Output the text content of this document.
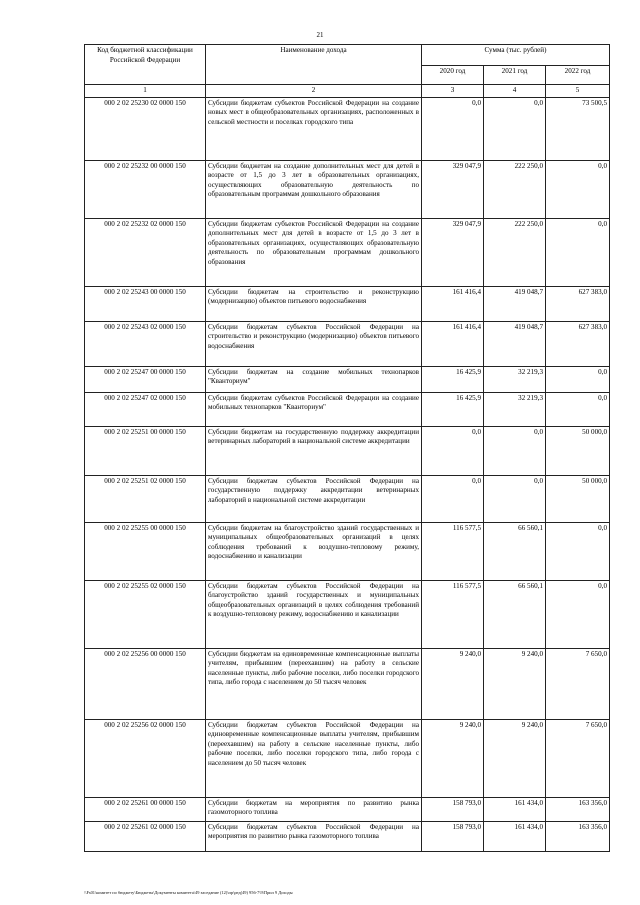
21
Код бюджетной классификации Российской Федерации	Наименование дохода	Сумма (тыс. рублей)		
		2020 год	2021 год	2022 год
1	2	3	4	5
000 2 02 25230 02 0000 150	Субсидии бюджетам субъектов Российской Федерации на создание новых мест в общеобразовательных организациях, расположенных в сельской местности и поселках городского типа	0,0	0,0	73 500,5
000 2 02 25232 00 0000 150	Субсидии бюджетам на создание дополнительных мест для детей в возрасте от 1,5 до 3 лет в образовательных организациях, осуществляющих образовательную деятельность по образовательным программам дошкольного образования	329 047,9	222 250,0	0,0
000 2 02 25232 02 0000 150	Субсидии бюджетам субъектов Российской Федерации на создание дополнительных мест для детей в возрасте от 1,5 до 3 лет в образовательных организациях, осуществляющих образовательную деятельность по образовательным программам дошкольного образования	329 047,9	222 250,0	0,0
000 2 02 25243 00 0000 150	Субсидии бюджетам на строительство и реконструкцию (модернизацию) объектов питьевого водоснабжения	161 416,4	419 048,7	627 383,0
000 2 02 25243 02 0000 150	Субсидии бюджетам субъектов Российской Федерации на строительство и реконструкцию (модернизацию) объектов питьевого водоснабжения	161 416,4	419 048,7	627 383,0
000 2 02 25247 00 0000 150	Субсидии бюджетам на создание мобильных технопарков "Кванториум"	16 425,9	32 219,3	0,0
000 2 02 25247 02 0000 150	Субсидии бюджетам субъектов Российской Федерации на создание мобильных технопарков "Кванториум"	16 425,9	32 219,3	0,0
000 2 02 25251 00 0000 150	Субсидии бюджетам на государственную поддержку аккредитации ветеринарных лабораторий в национальной системе аккредитации	0,0	0,0	50 000,0
000 2 02 25251 02 0000 150	Субсидии бюджетам субъектов Российской Федерации на государственную поддержку аккредитации ветеринарных лабораторий в национальной системе аккредитации	0,0	0,0	50 000,0
000 2 02 25255 00 0000 150	Субсидии бюджетам на благоустройство зданий государственных и муниципальных общеобразовательных организаций в целях соблюдения требований к воздушно-тепловому режиму, водоснабжению и канализации	116 577,5	66 560,1	0,0
000 2 02 25255 02 0000 150	Субсидии бюджетам субъектов Российской Федерации на благоустройство зданий государственных и муниципальных общеобразовательных организаций в целях соблюдения требований к воздушно-тепловому режиму, водоснабжению и канализации	116 577,5	66 560,1	0,0
000 2 02 25256 00 0000 150	Субсидии бюджетам на единовременные компенсационные выплаты учителям, прибывшим (переехавшим) на работу в сельские населенные пункты, либо рабочие поселки, либо поселки городского типа, либо города с населением до 50 тысяч человек	9 240,0	9 240,0	7 650,0
000 2 02 25256 02 0000 150	Субсидии бюджетам субъектов Российской Федерации на единовременные компенсационные выплаты учителям, прибывшим (переехавшим) на работу в сельские населенные пункты, либо рабочие поселки, либо поселки городского типа, либо города с населением до 50 тысяч человек	9 240,0	9 240,0	7 650,0
000 2 02 25261 00 0000 150	Субсидии бюджетам на мероприятия по развитию рынка газомоторного топлива	158 793,0	161 434,0	163 356,0
000 2 02 25261 02 0000 150	Субсидии бюджетам субъектов Российской Федерации на мероприятия по развитию рынка газомоторного топлива	158 793,0	161 434,0	163 356,0
\\Fs01\комитет по бюджету\Бюджеты\Документы комитета\49 заседание (12)\пр\ред(49) 956-7\9\Прил 9 Доходы
